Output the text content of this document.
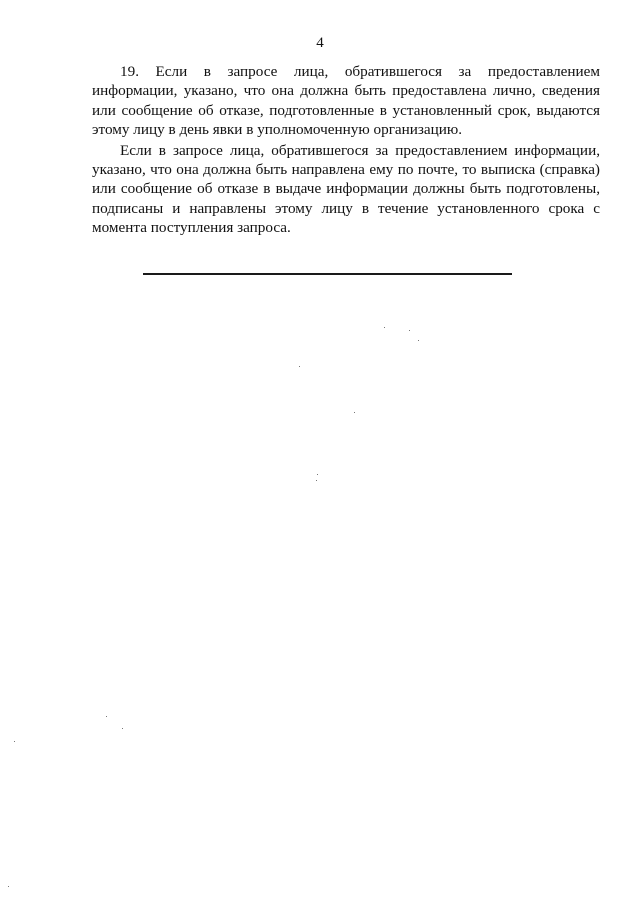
4

19. Если в запросе лица, обратившегося за предоставлением информации, указано, что она должна быть предоставлена лично, сведения или сообщение об отказе, подготовленные в установленный срок, выдаются этому лицу в день явки в уполномоченную организацию.

Если в запросе лица, обратившегося за предоставлением информации, указано, что она должна быть направлена ему по почте, то выписка (справка) или сообщение об отказе в выдаче информации должны быть подготовлены, подписаны и направлены этому лицу в течение установленного срока с момента поступления запроса.
